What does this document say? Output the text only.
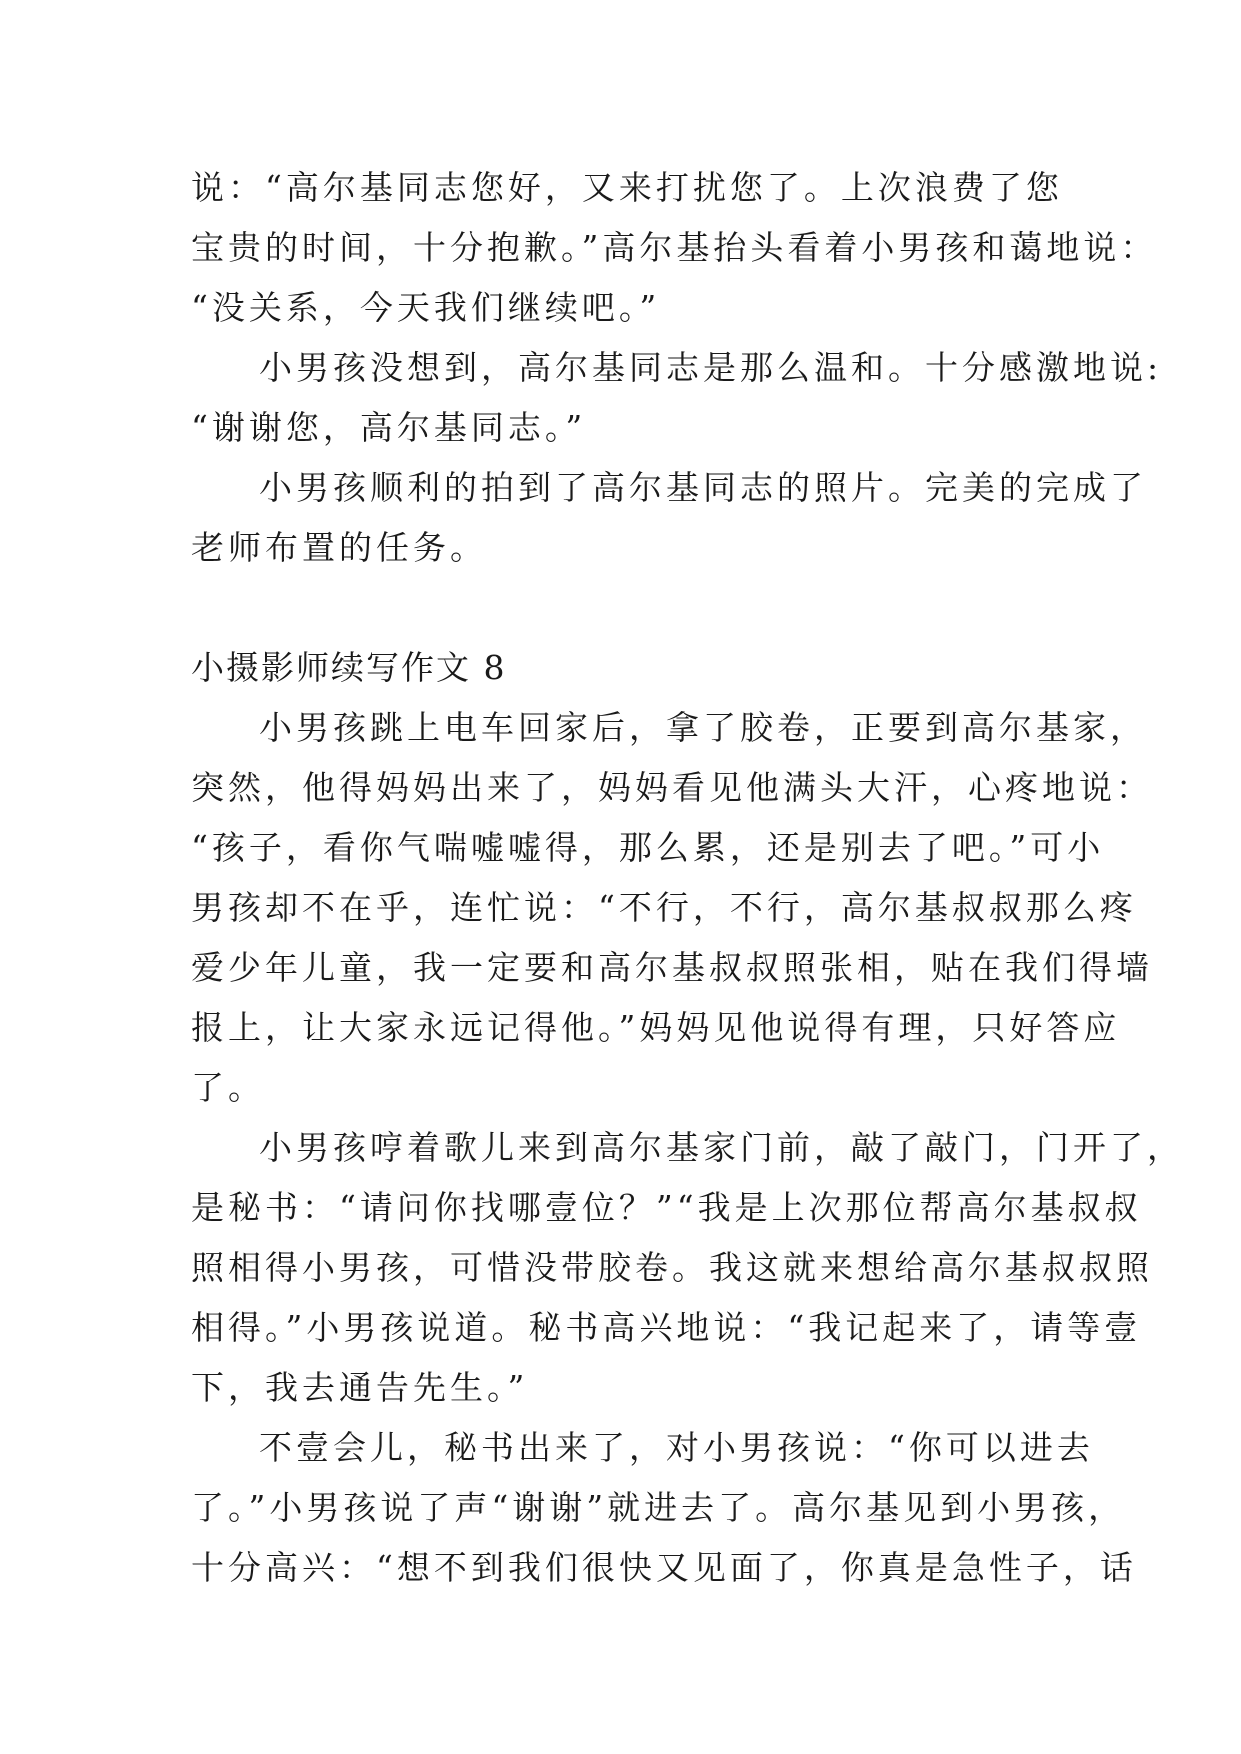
说：“高尔基同志您好，又来打扰您了。上次浪费了您
宝贵的时间，十分抱歉。”高尔基抬头看着小男孩和蔼地说：
“没关系，今天我们继续吧。”
小男孩没想到，高尔基同志是那么温和。十分感激地说:
“谢谢您，高尔基同志。”
小男孩顺利的拍到了高尔基同志的照片。完美的完成了
老师布置的任务。
小摄影师续写作文 8
小男孩跳上电车回家后，拿了胶卷，正要到高尔基家，
突然，他得妈妈出来了，妈妈看见他满头大汗，心疼地说：
“孩子，看你气喘嘘嘘得，那么累，还是别去了吧。”可小
男孩却不在乎，连忙说：“不行，不行，高尔基叔叔那么疼
爱少年儿童，我一定要和高尔基叔叔照张相，贴在我们得墙
报上，让大家永远记得他。”妈妈见他说得有理，只好答应
了。
小男孩哼着歌儿来到高尔基家门前，敲了敲门，门开了，
是秘书：“请问你找哪壹位？”“我是上次那位帮高尔基叔叔
照相得小男孩，可惜没带胶卷。我这就来想给高尔基叔叔照
相得。”小男孩说道。秘书高兴地说：“我记起来了，请等壹
下，我去通告先生。”
不壹会儿，秘书出来了，对小男孩说：“你可以进去
了。”小男孩说了声“谢谢”就进去了。高尔基见到小男孩，
十分高兴：“想不到我们很快又见面了，你真是急性子，话
